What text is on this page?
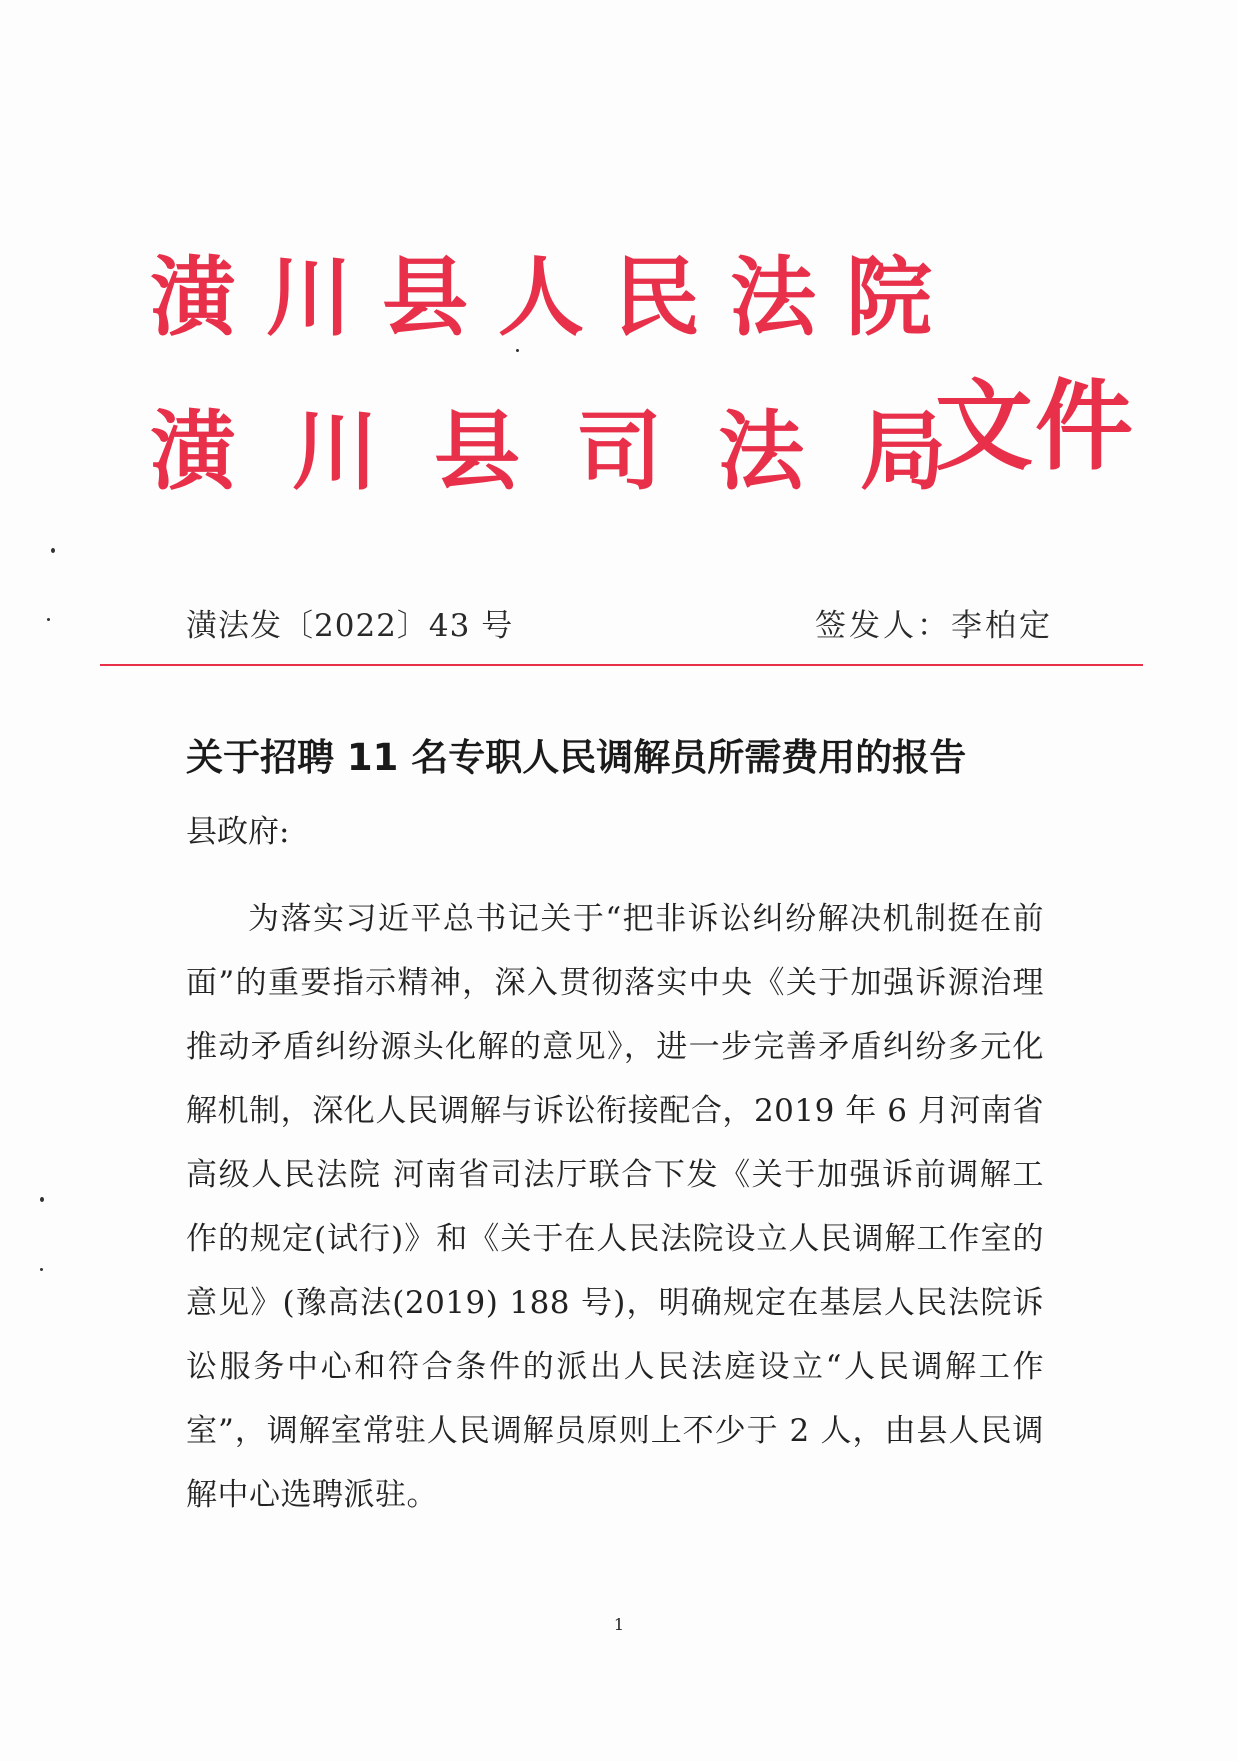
潢川县人民法院
潢川县司法局
文件
潢法发〔2022〕43 号	签发人：李柏定
关于招聘 11 名专职人民调解员所需费用的报告
县政府:

为落实习近平总书记关于“把非诉讼纠纷解决机制挺在前面”的重要指示精神，深入贯彻落实中央《关于加强诉源治理推动矛盾纠纷源头化解的意见》，进一步完善矛盾纠纷多元化解机制，深化人民调解与诉讼衔接配合，2019 年 6 月河南省高级人民法院 河南省司法厅联合下发《关于加强诉前调解工作的规定(试行)》和《关于在人民法院设立人民调解工作室的意见》(豫高法(2019) 188 号)，明确规定在基层人民法院诉讼服务中心和符合条件的派出人民法庭设立“人民调解工作室”，调解室常驻人民调解员原则上不少于 2 人，由县人民调解中心选聘派驻。

1
